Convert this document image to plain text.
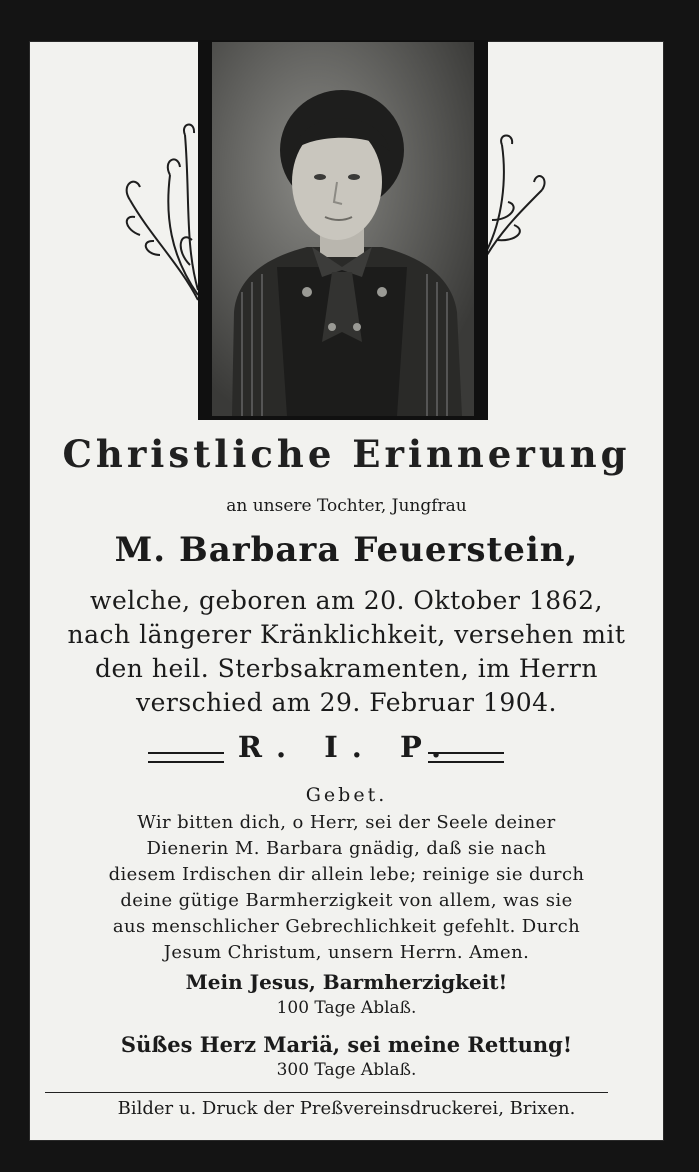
Christliche Erinnerung
an unsere Tochter, Jungfrau
M. Barbara Feuerstein,
welche, geboren am 20. Oktober 1862,
nach längerer Kränklichkeit, versehen mit
den heil. Sterbsakramenten, im Herrn
verschied am 29. Februar 1904.
R. I. P.
Gebet.
Wir bitten dich, o Herr, sei der Seele deiner
Dienerin M. Barbara gnädig, daß sie nach
diesem Irdischen dir allein lebe; reinige sie durch
deine gütige Barmherzigkeit von allem, was sie
aus menschlicher Gebrechlichkeit gefehlt. Durch
Jesum Christum, unsern Herrn. Amen.
Mein Jesus, Barmherzigkeit!
100 Tage Ablaß.
Süßes Herz Mariä, sei meine Rettung!
300 Tage Ablaß.
Bilder u. Druck der Preßvereinsdruckerei, Brixen.
